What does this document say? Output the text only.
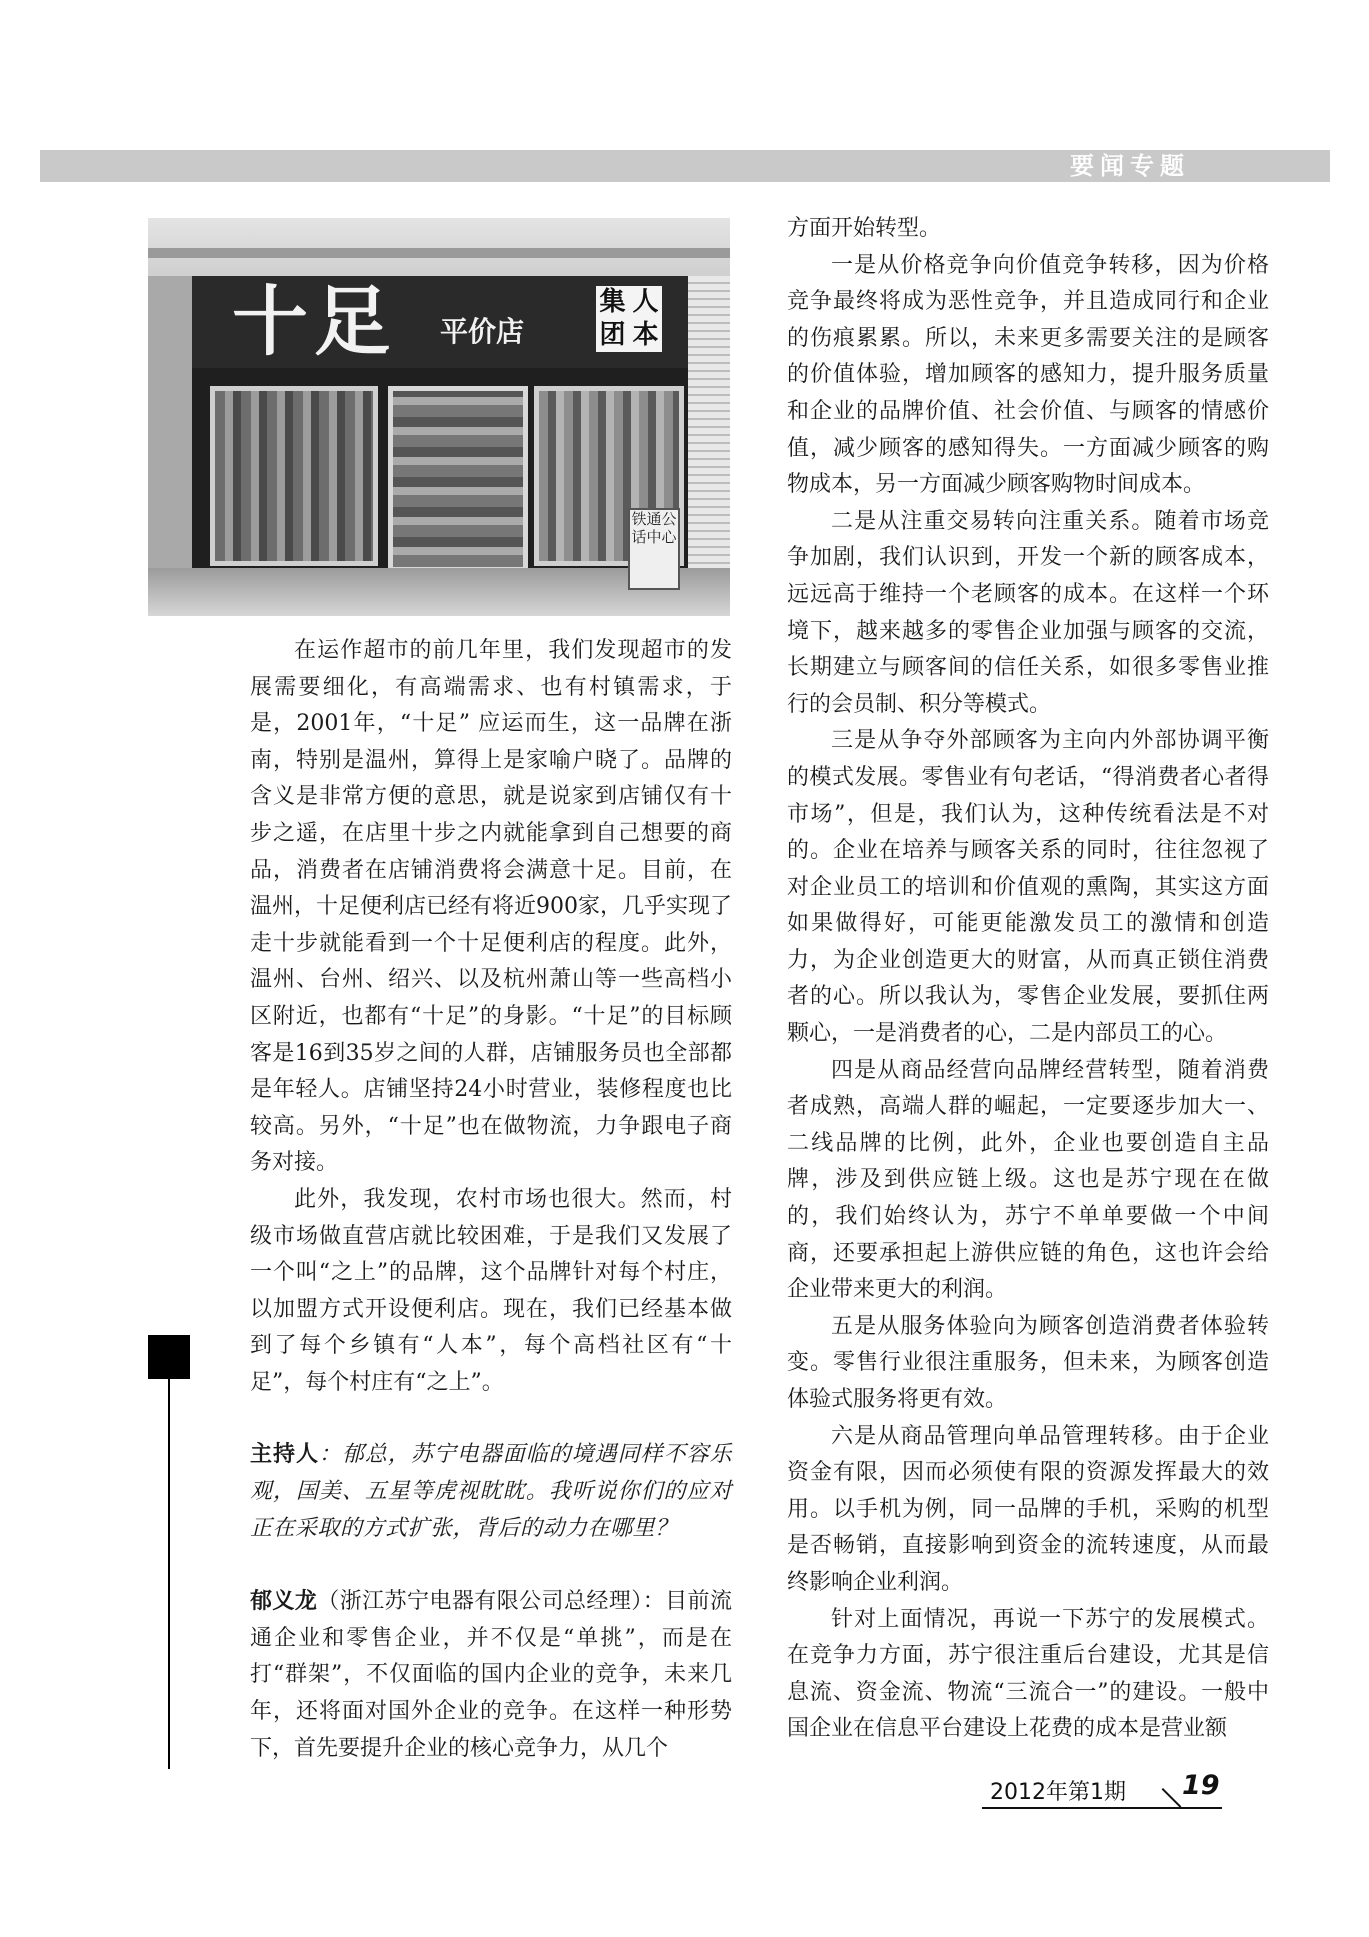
要闻专题
十足 平价店
集 人
团 本
铁通公话中心

在运作超市的前几年里，我们发现超市的发展需要细化，有高端需求、也有村镇需求，于是，2001年，“十足” 应运而生，这一品牌在浙南，特别是温州，算得上是家喻户晓了。品牌的含义是非常方便的意思，就是说家到店铺仅有十步之遥，在店里十步之内就能拿到自己想要的商品，消费者在店铺消费将会满意十足。目前，在温州，十足便利店已经有将近900家，几乎实现了走十步就能看到一个十足便利店的程度。此外，温州、台州、绍兴、以及杭州萧山等一些高档小区附近，也都有“十足”的身影。“十足”的目标顾客是16到35岁之间的人群，店铺服务员也全部都是年轻人。店铺坚持24小时营业，装修程度也比较高。另外，“十足”也在做物流，力争跟电子商务对接。

此外，我发现，农村市场也很大。然而，村级市场做直营店就比较困难，于是我们又发展了一个叫“之上”的品牌，这个品牌针对每个村庄，以加盟方式开设便利店。现在，我们已经基本做到了每个乡镇有“人本”，每个高档社区有“十足”，每个村庄有“之上”。

主持人：郁总，苏宁电器面临的境遇同样不容乐观，国美、五星等虎视眈眈。我听说你们的应对正在采取的方式扩张，背后的动力在哪里？

郁义龙（浙江苏宁电器有限公司总经理）：目前流通企业和零售企业，并不仅是“单挑”，而是在打“群架”，不仅面临的国内企业的竞争，未来几年，还将面对国外企业的竞争。在这样一种形势下，首先要提升企业的核心竞争力，从几个

方面开始转型。

一是从价格竞争向价值竞争转移，因为价格竞争最终将成为恶性竞争，并且造成同行和企业的伤痕累累。所以，未来更多需要关注的是顾客的价值体验，增加顾客的感知力，提升服务质量和企业的品牌价值、社会价值、与顾客的情感价值，减少顾客的感知得失。一方面减少顾客的购物成本，另一方面减少顾客购物时间成本。

二是从注重交易转向注重关系。随着市场竞争加剧，我们认识到，开发一个新的顾客成本，远远高于维持一个老顾客的成本。在这样一个环境下，越来越多的零售企业加强与顾客的交流，长期建立与顾客间的信任关系，如很多零售业推行的会员制、积分等模式。

三是从争夺外部顾客为主向内外部协调平衡的模式发展。零售业有句老话，“得消费者心者得市场”，但是，我们认为，这种传统看法是不对的。企业在培养与顾客关系的同时，往往忽视了对企业员工的培训和价值观的熏陶，其实这方面如果做得好，可能更能激发员工的激情和创造力，为企业创造更大的财富，从而真正锁住消费者的心。所以我认为，零售企业发展，要抓住两颗心，一是消费者的心，二是内部员工的心。

四是从商品经营向品牌经营转型，随着消费者成熟，高端人群的崛起，一定要逐步加大一、二线品牌的比例，此外，企业也要创造自主品牌，涉及到供应链上级。这也是苏宁现在在做的，我们始终认为，苏宁不单单要做一个中间商，还要承担起上游供应链的角色，这也许会给企业带来更大的利润。

五是从服务体验向为顾客创造消费者体验转变。零售行业很注重服务，但未来，为顾客创造体验式服务将更有效。

六是从商品管理向单品管理转移。由于企业资金有限，因而必须使有限的资源发挥最大的效用。以手机为例，同一品牌的手机，采购的机型是否畅销，直接影响到资金的流转速度，从而最终影响企业利润。

针对上面情况，再说一下苏宁的发展模式。在竞争力方面，苏宁很注重后台建设，尤其是信息流、资金流、物流“三流合一”的建设。一般中国企业在信息平台建设上花费的成本是营业额

2012年第1期 19
